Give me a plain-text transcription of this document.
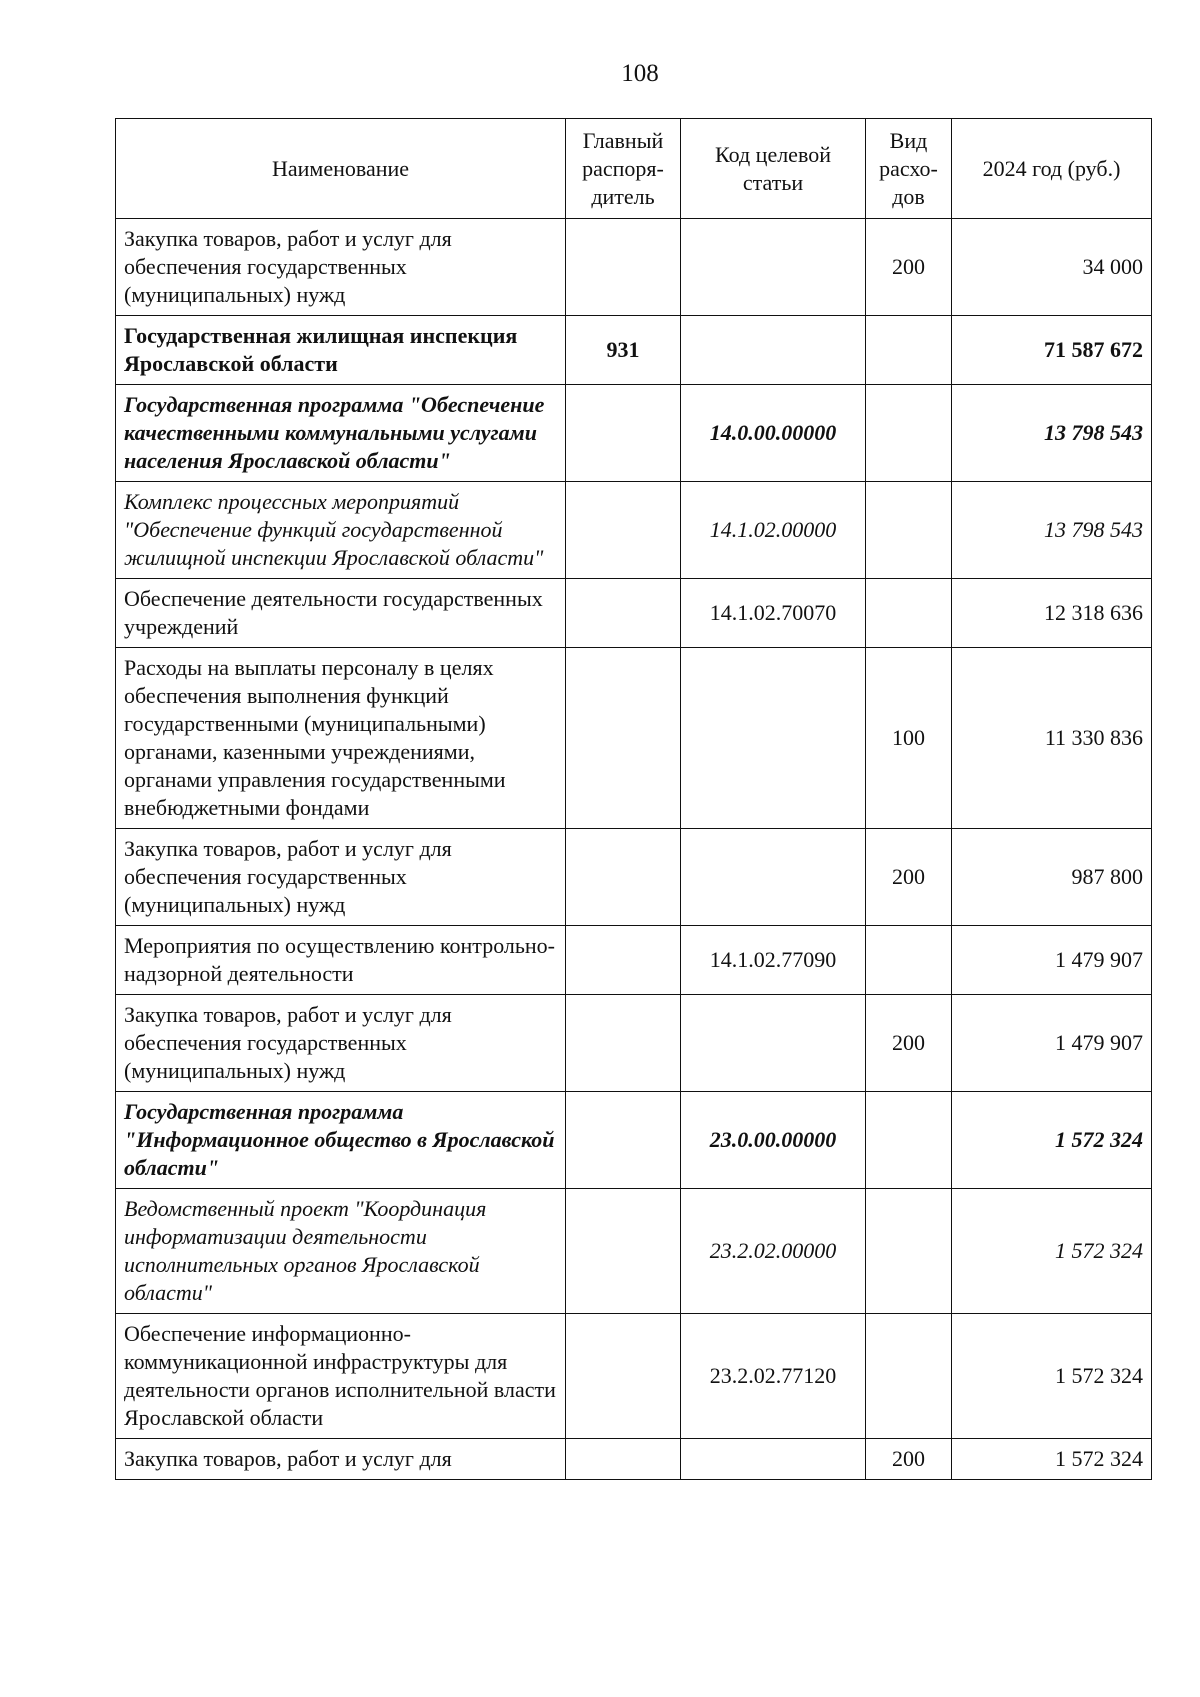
108
Наименование	Главный распоря-дитель	Код целевой статьи	Вид расхо-дов	2024 год (руб.)
Закупка товаров, работ и услуг для обеспечения государственных (муниципальных) нужд			200	34 000
Государственная жилищная инспекция Ярославской области	931			71 587 672
Государственная программа "Обеспечение качественными коммунальными услугами населения Ярославской области"		14.0.00.00000		13 798 543
Комплекс процессных мероприятий "Обеспечение функций государственной жилищной инспекции Ярославской области"		14.1.02.00000		13 798 543
Обеспечение деятельности государственных учреждений		14.1.02.70070		12 318 636
Расходы на выплаты персоналу в целях обеспечения выполнения функций государственными (муниципальными) органами, казенными учреждениями, органами управления государственными внебюджетными фондами			100	11 330 836
Закупка товаров, работ и услуг для обеспечения государственных (муниципальных) нужд			200	987 800
Мероприятия по осуществлению контрольно-надзорной деятельности		14.1.02.77090		1 479 907
Закупка товаров, работ и услуг для обеспечения государственных (муниципальных) нужд			200	1 479 907
Государственная программа "Информационное общество в Ярославской области"		23.0.00.00000		1 572 324
Ведомственный проект "Координация информатизации деятельности исполнительных органов Ярославской области"		23.2.02.00000		1 572 324
Обеспечение информационно-коммуникационной инфраструктуры для деятельности органов исполнительной власти Ярославской области		23.2.02.77120		1 572 324
Закупка товаров, работ и услуг для			200	1 572 324
